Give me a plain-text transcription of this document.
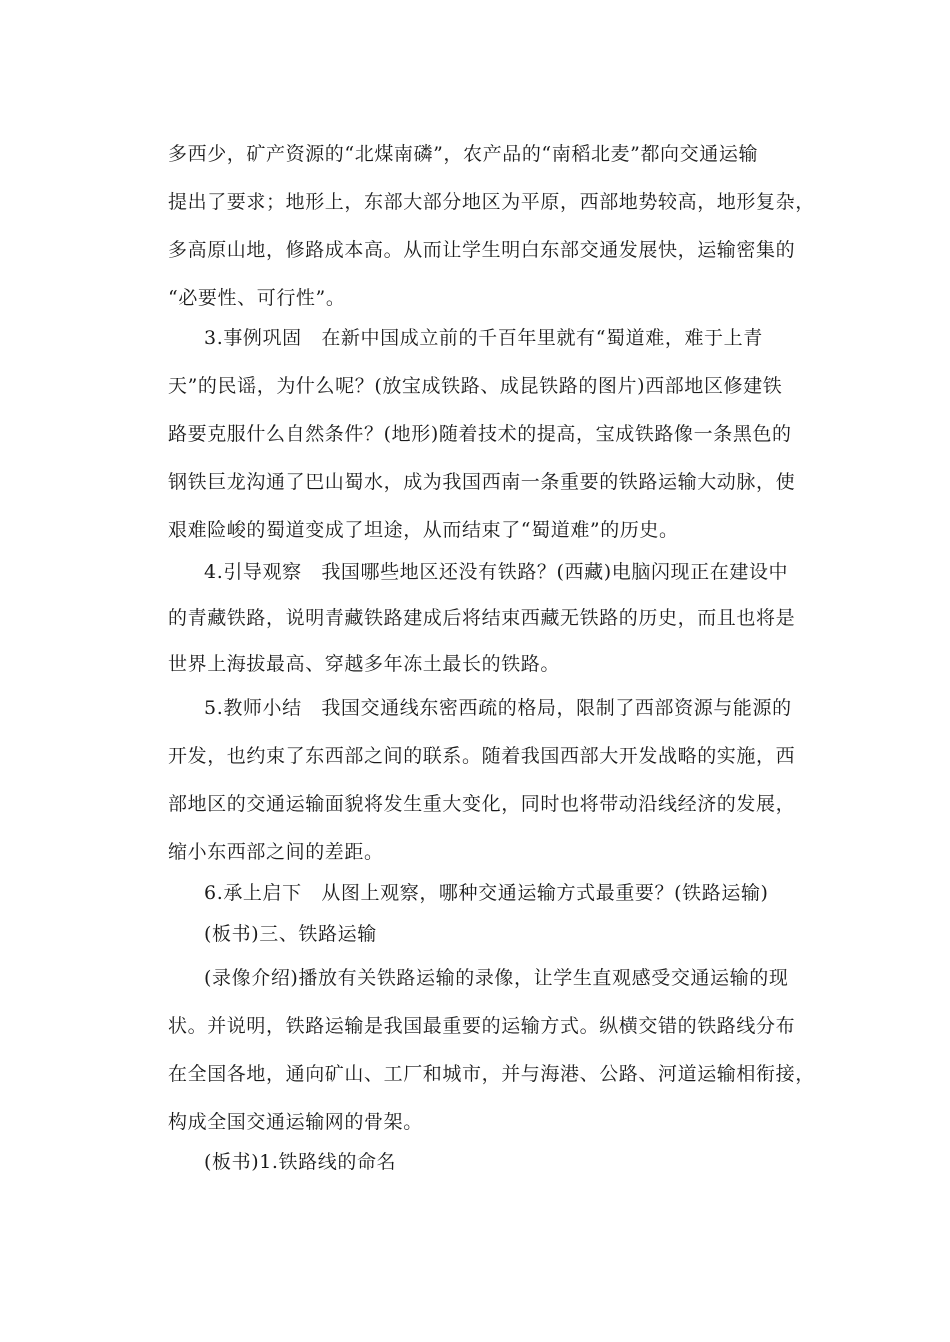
多西少，矿产资源的“北煤南磷”，农产品的“南稻北麦”都向交通运输
提出了要求；地形上，东部大部分地区为平原，西部地势较高，地形复杂，
多高原山地，修路成本高。从而让学生明白东部交通发展快，运输密集的
“必要性、可行性”。
3.事例巩固　在新中国成立前的千百年里就有“蜀道难，难于上青
天”的民谣，为什么呢？(放宝成铁路、成昆铁路的图片)西部地区修建铁
路要克服什么自然条件？(地形)随着技术的提高，宝成铁路像一条黑色的
钢铁巨龙沟通了巴山蜀水，成为我国西南一条重要的铁路运输大动脉，使
艰难险峻的蜀道变成了坦途，从而结束了“蜀道难”的历史。
4.引导观察　我国哪些地区还没有铁路？(西藏)电脑闪现正在建设中
的青藏铁路，说明青藏铁路建成后将结束西藏无铁路的历史，而且也将是
世界上海拔最高、穿越多年冻土最长的铁路。
5.教师小结　我国交通线东密西疏的格局，限制了西部资源与能源的
开发，也约束了东西部之间的联系。随着我国西部大开发战略的实施，西
部地区的交通运输面貌将发生重大变化，同时也将带动沿线经济的发展，
缩小东西部之间的差距。
6.承上启下　从图上观察，哪种交通运输方式最重要？(铁路运输)
(板书)三、铁路运输
(录像介绍)播放有关铁路运输的录像，让学生直观感受交通运输的现
状。并说明，铁路运输是我国最重要的运输方式。纵横交错的铁路线分布
在全国各地，通向矿山、工厂和城市，并与海港、公路、河道运输相衔接，
构成全国交通运输网的骨架。
(板书)1.铁路线的命名
